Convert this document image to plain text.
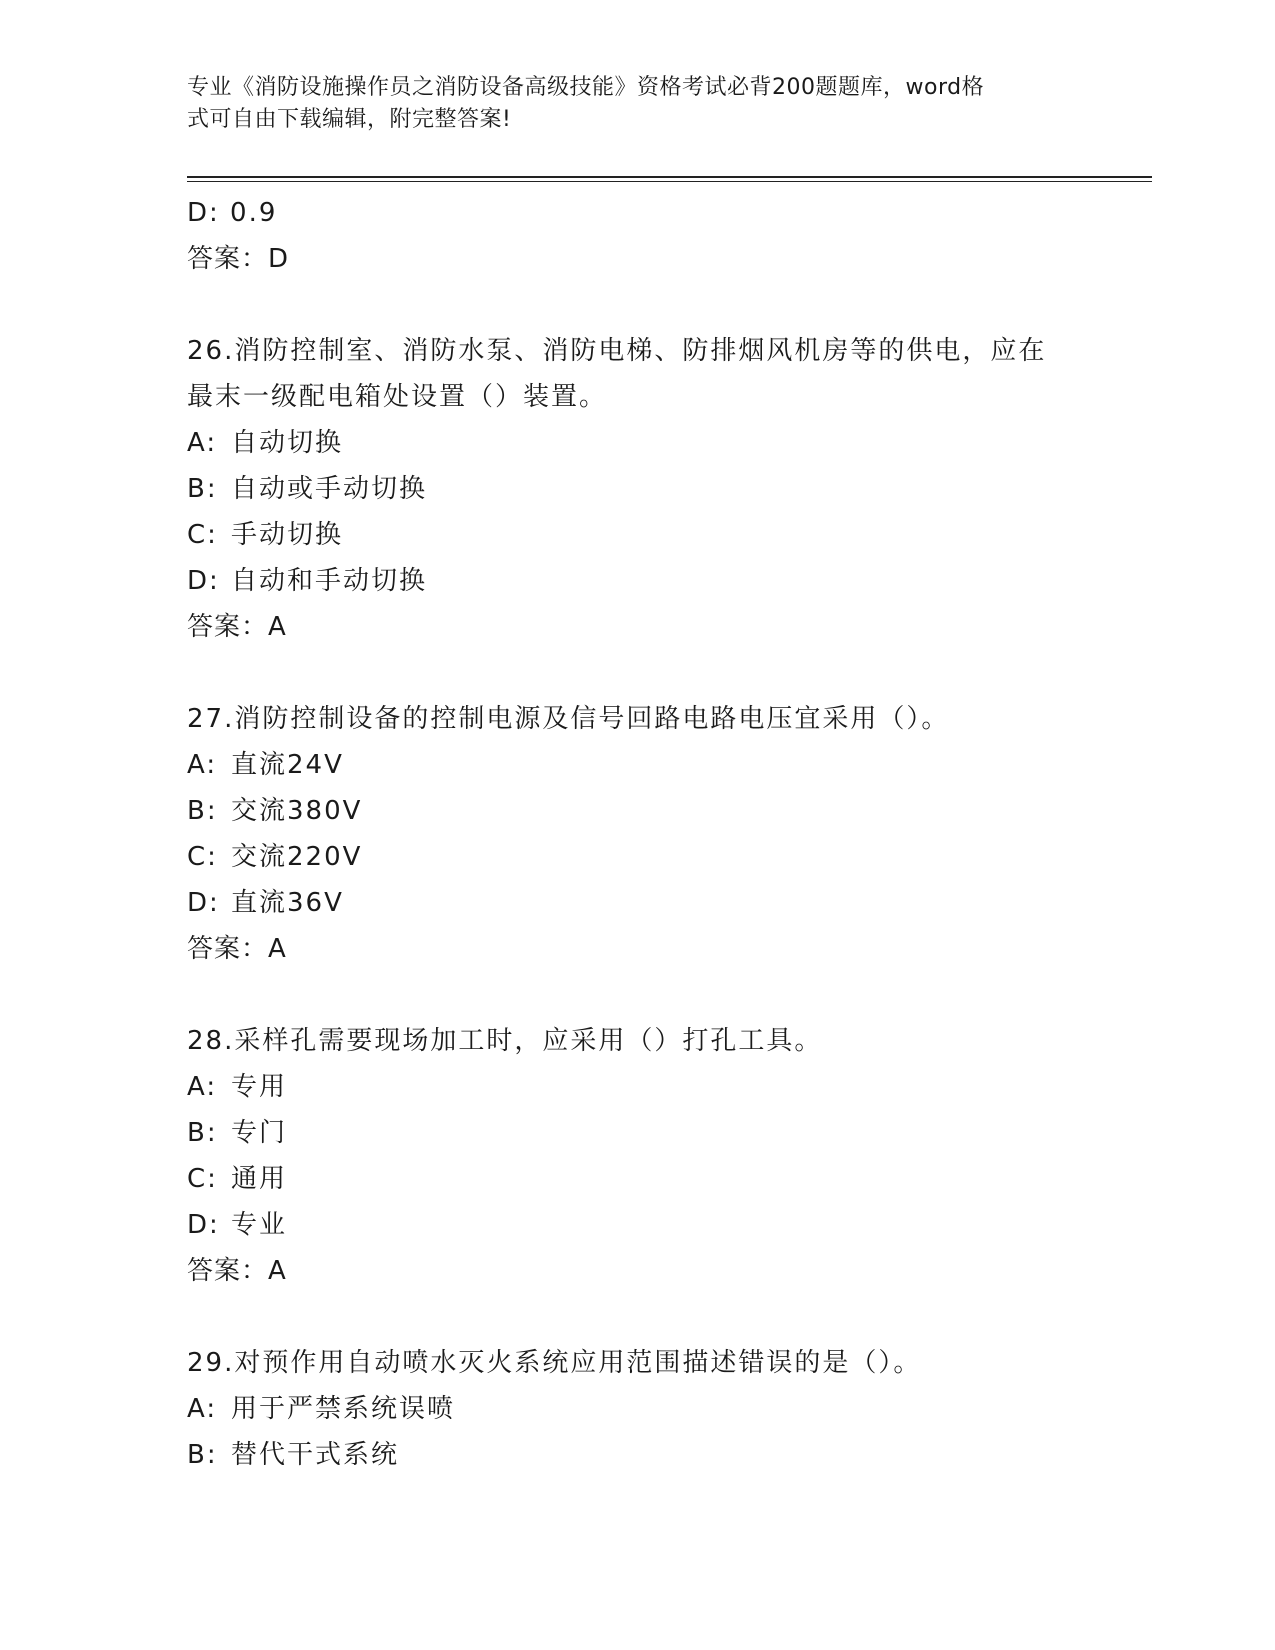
专业《消防设施操作员之消防设备高级技能》资格考试必背200题题库，word格
式可自由下载编辑，附完整答案!
D: 0.9
答案：D
26.消防控制室、消防水泵、消防电梯、防排烟风机房等的供电，应在
最末一级配电箱处设置（）装置。
A: 自动切换
B: 自动或手动切换
C: 手动切换
D: 自动和手动切换
答案：A
27.消防控制设备的控制电源及信号回路电路电压宜采用（）。
A: 直流24V
B: 交流380V
C: 交流220V
D: 直流36V
答案：A
28.采样孔需要现场加工时，应采用（）打孔工具。
A: 专用
B: 专门
C: 通用
D: 专业
答案：A
29.对预作用自动喷水灭火系统应用范围描述错误的是（）。
A: 用于严禁系统误喷
B: 替代干式系统
